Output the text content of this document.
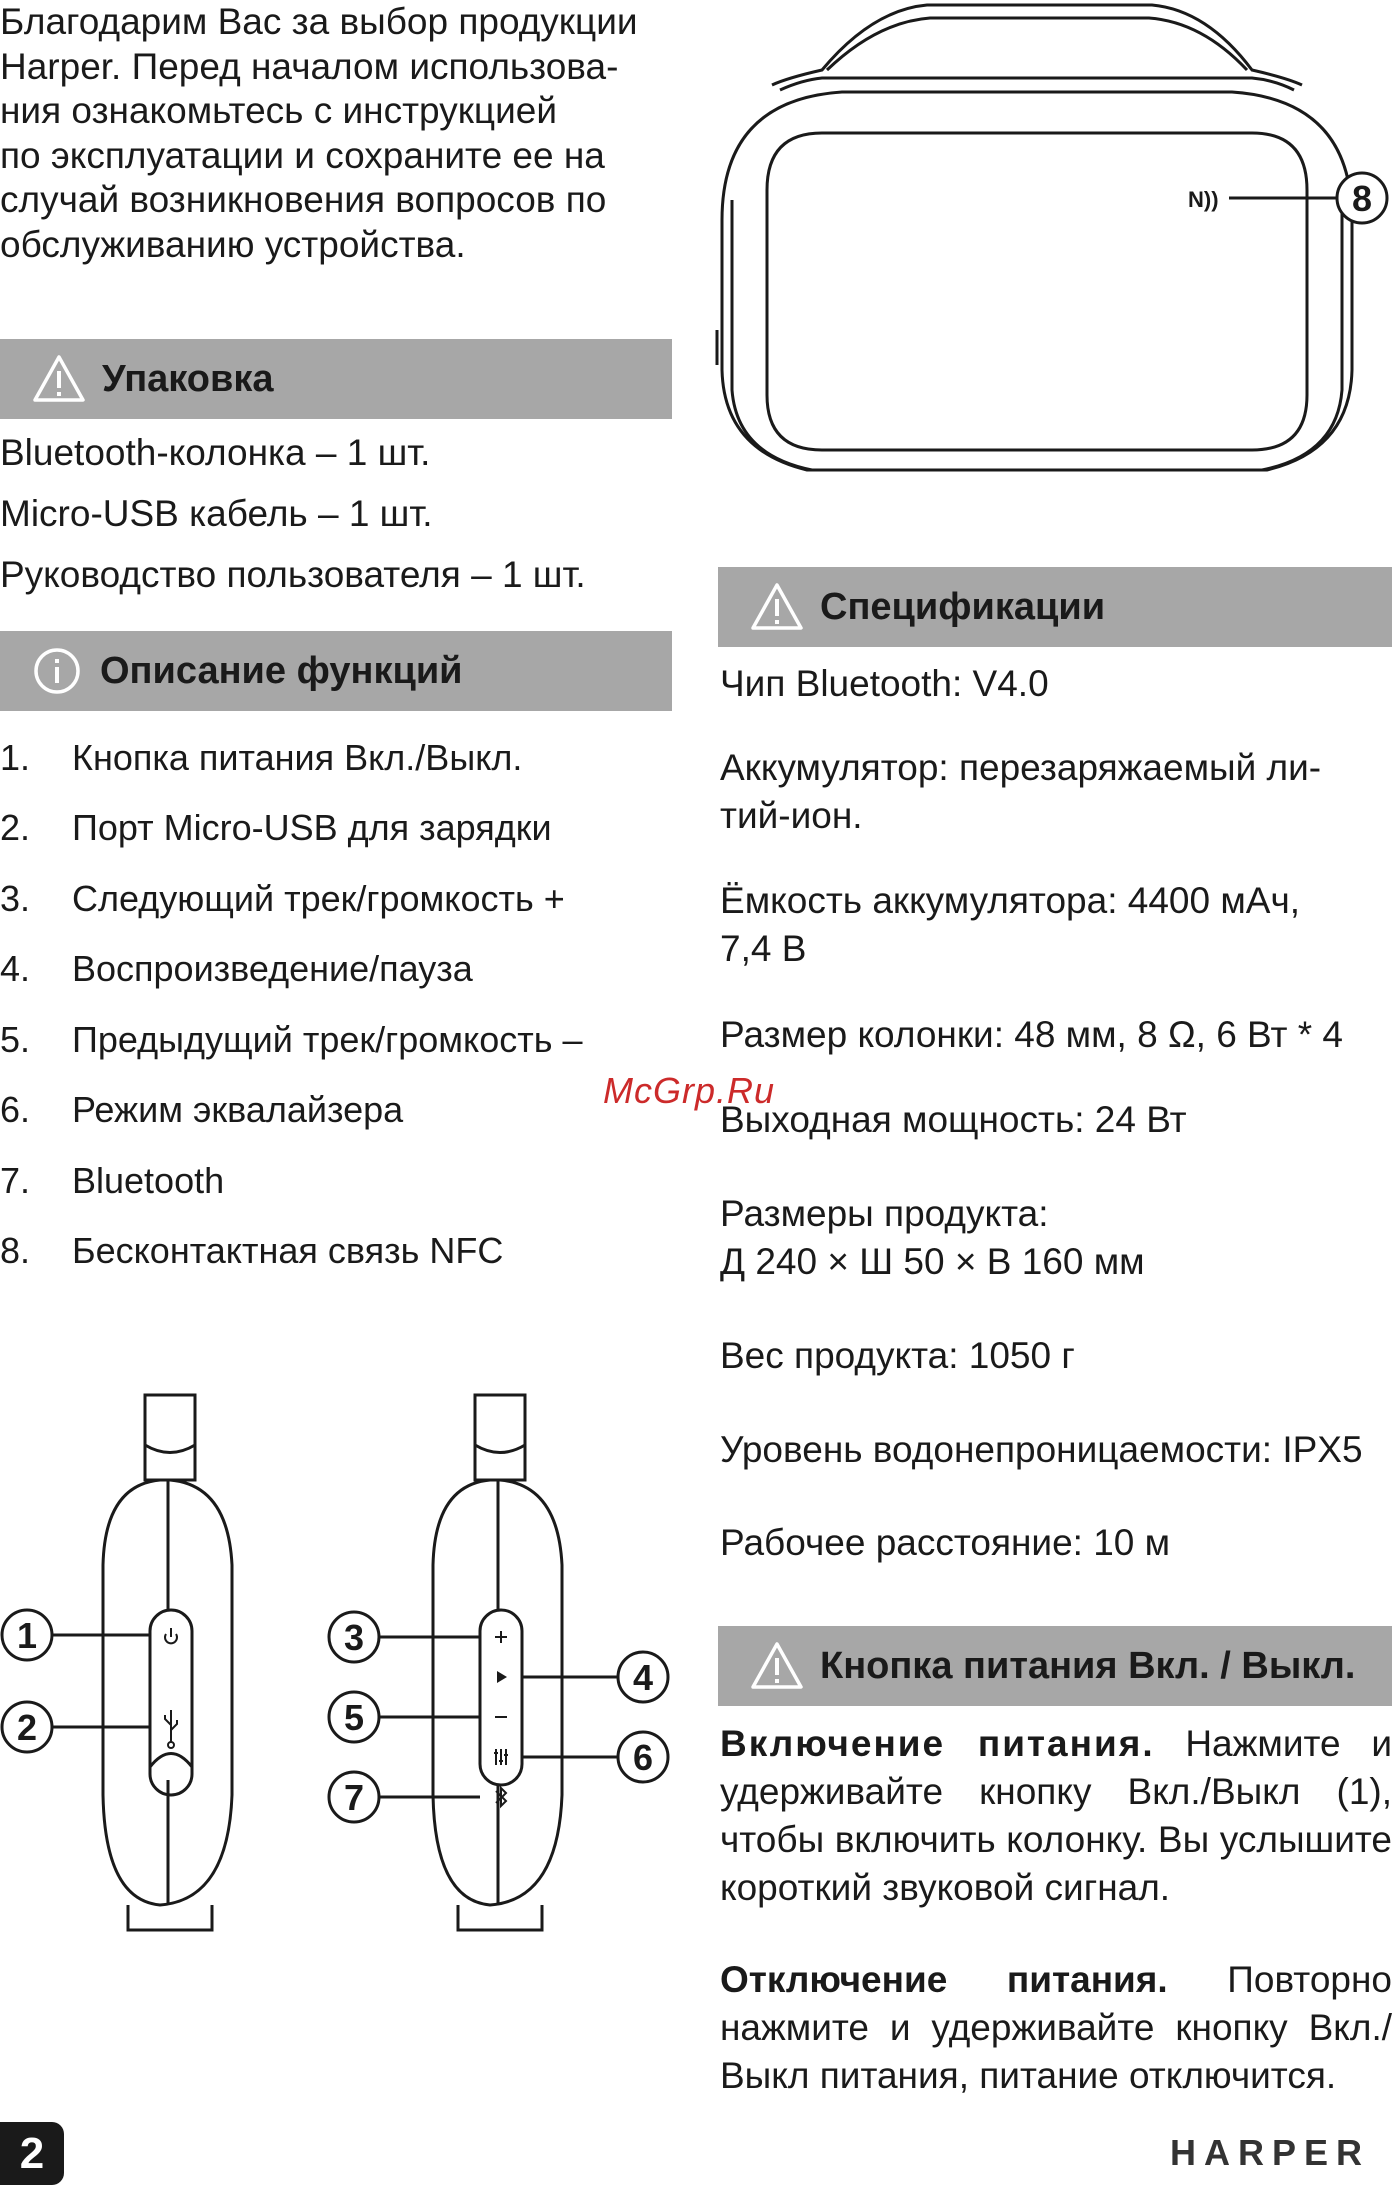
Благодарим Вас за выбор продукции
Harper. Перед началом использова-
ния ознакомьтесь с инструкцией
по эксплуатации и сохраните ее на
случай возникновения вопросов по
обслуживанию устройства.
Упаковка
Bluetooth-колонка – 1 шт.
Micro-USB кабель – 1 шт.
Руководство пользователя – 1 шт.
Описание функций
1. Кнопка питания Вкл./Выкл.
2. Порт Micro-USB для зарядки
3. Следующий трек/громкость +
4. Воспроизведение/пауза
5. Предыдущий трек/громкость –
6. Режим эквалайзера
7. Bluetooth
8. Бесконтактная связь NFC
1
2
3
5
7
4
6
N))	8
Спецификации
Чип Bluetooth: V4.0
Аккумулятор: перезаряжаемый ли-
тий-ион.
Ёмкость аккумулятора: 4400 мАч,
7,4 В
Размер колонки: 48 мм, 8 Ω, 6 Вт * 4
Выходная мощность: 24 Вт
Размеры продукта:
Д 240 × Ш 50 × В 160 мм
Вес продукта: 1050 г
Уровень водонепроницаемости: IPX5
Рабочее расстояние: 10 м
Кнопка питания Вкл. / Выкл.
Включение питания. Нажмите и удерживайте кнопку Вкл./Выкл (1), чтобы включить колонку. Вы услышите короткий звуковой сигнал.
Отключение питания. Повторно нажмите и удерживайте кнопку Вкл./Выкл питания, питание отключится.
McGrp.Ru
2	HARPER
